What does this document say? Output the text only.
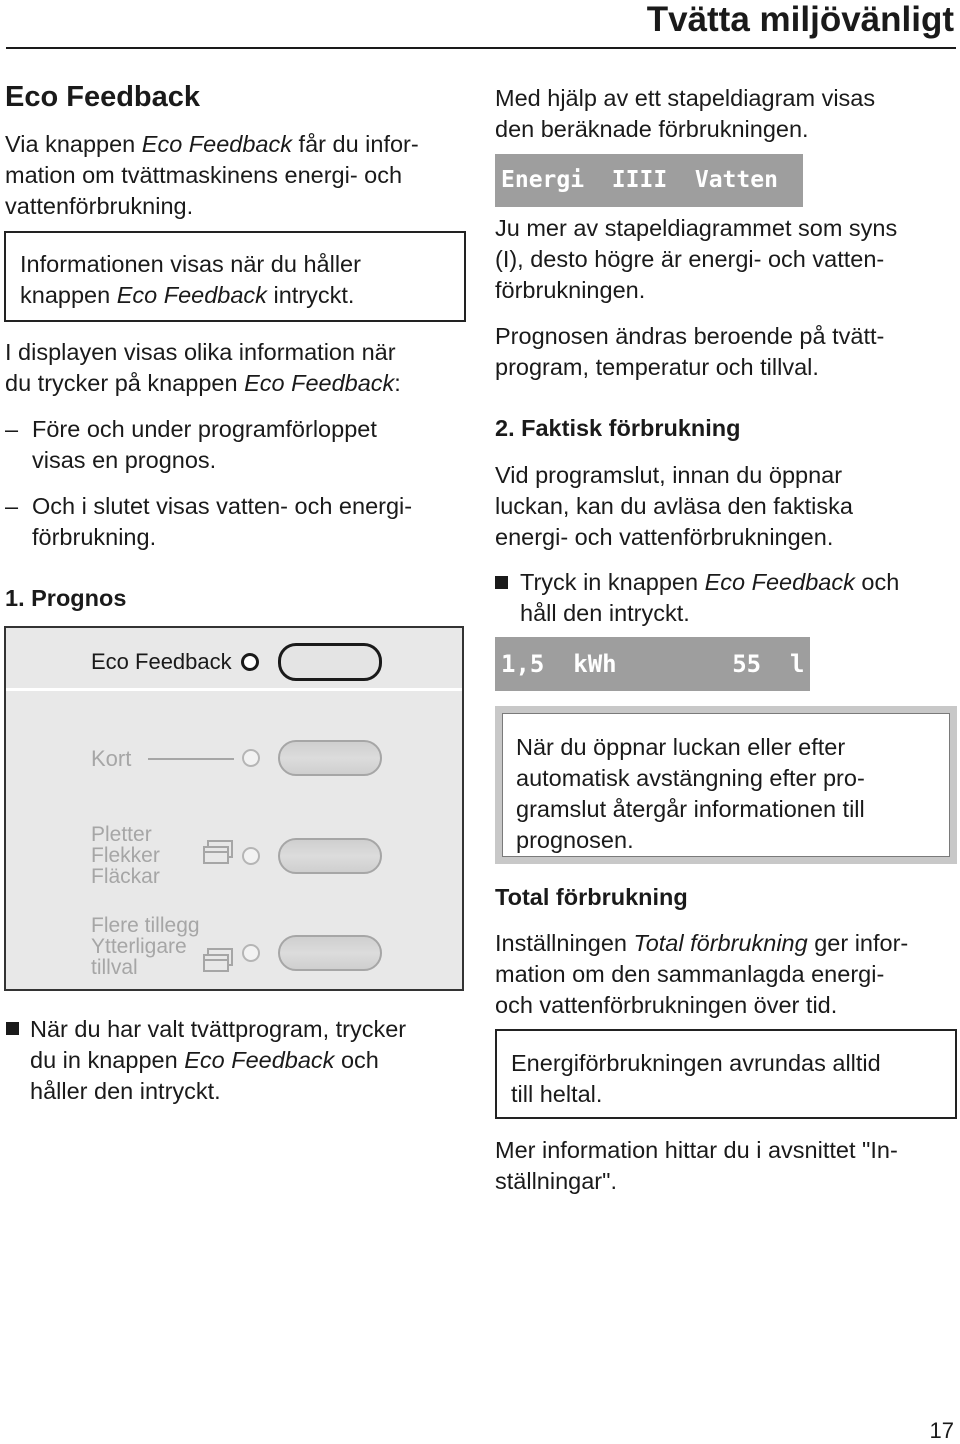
Tvätta miljövänligt
Eco Feedback
Via knappen Eco Feedback får du infor-
mation om tvättmaskinens energi- och
vattenförbrukning.
Informationen visas när du håller
knappen Eco Feedback intryckt.
I displayen visas olika information när
du trycker på knappen Eco Feedback:
– Före och under programförloppet
visas en prognos.
– Och i slutet visas vatten- och energi-
förbrukning.
1. Prognos
Eco Feedback
Kort
Pletter
Flekker
Fläckar
Flere tillegg
Ytterligare
tillval
När du har valt tvättprogram, trycker
du in knappen Eco Feedback och
håller den intryckt.
Med hjälp av ett stapeldiagram visas
den beräknade förbrukningen.
Energi  IIII  Vatten  II
Ju mer av stapeldiagrammet som syns
(I), desto högre är energi- och vatten-
förbrukningen.
Prognosen ändras beroende på tvätt-
program, temperatur och tillval.
2. Faktisk förbrukning
Vid programslut, innan du öppnar
luckan, kan du avläsa den faktiska
energi- och vattenförbrukningen.
Tryck in knappen Eco Feedback och
håll den intryckt.
1,5  kWh        55  l
När du öppnar luckan eller efter
automatisk avstängning efter pro-
gramslut återgår informationen till
prognosen.
Total förbrukning
Inställningen Total förbrukning ger infor-
mation om den sammanlagda energi-
och vattenförbrukningen över tid.
Energiförbrukningen avrundas alltid
till heltal.
Mer information hittar du i avsnittet "In-
ställningar".
17
